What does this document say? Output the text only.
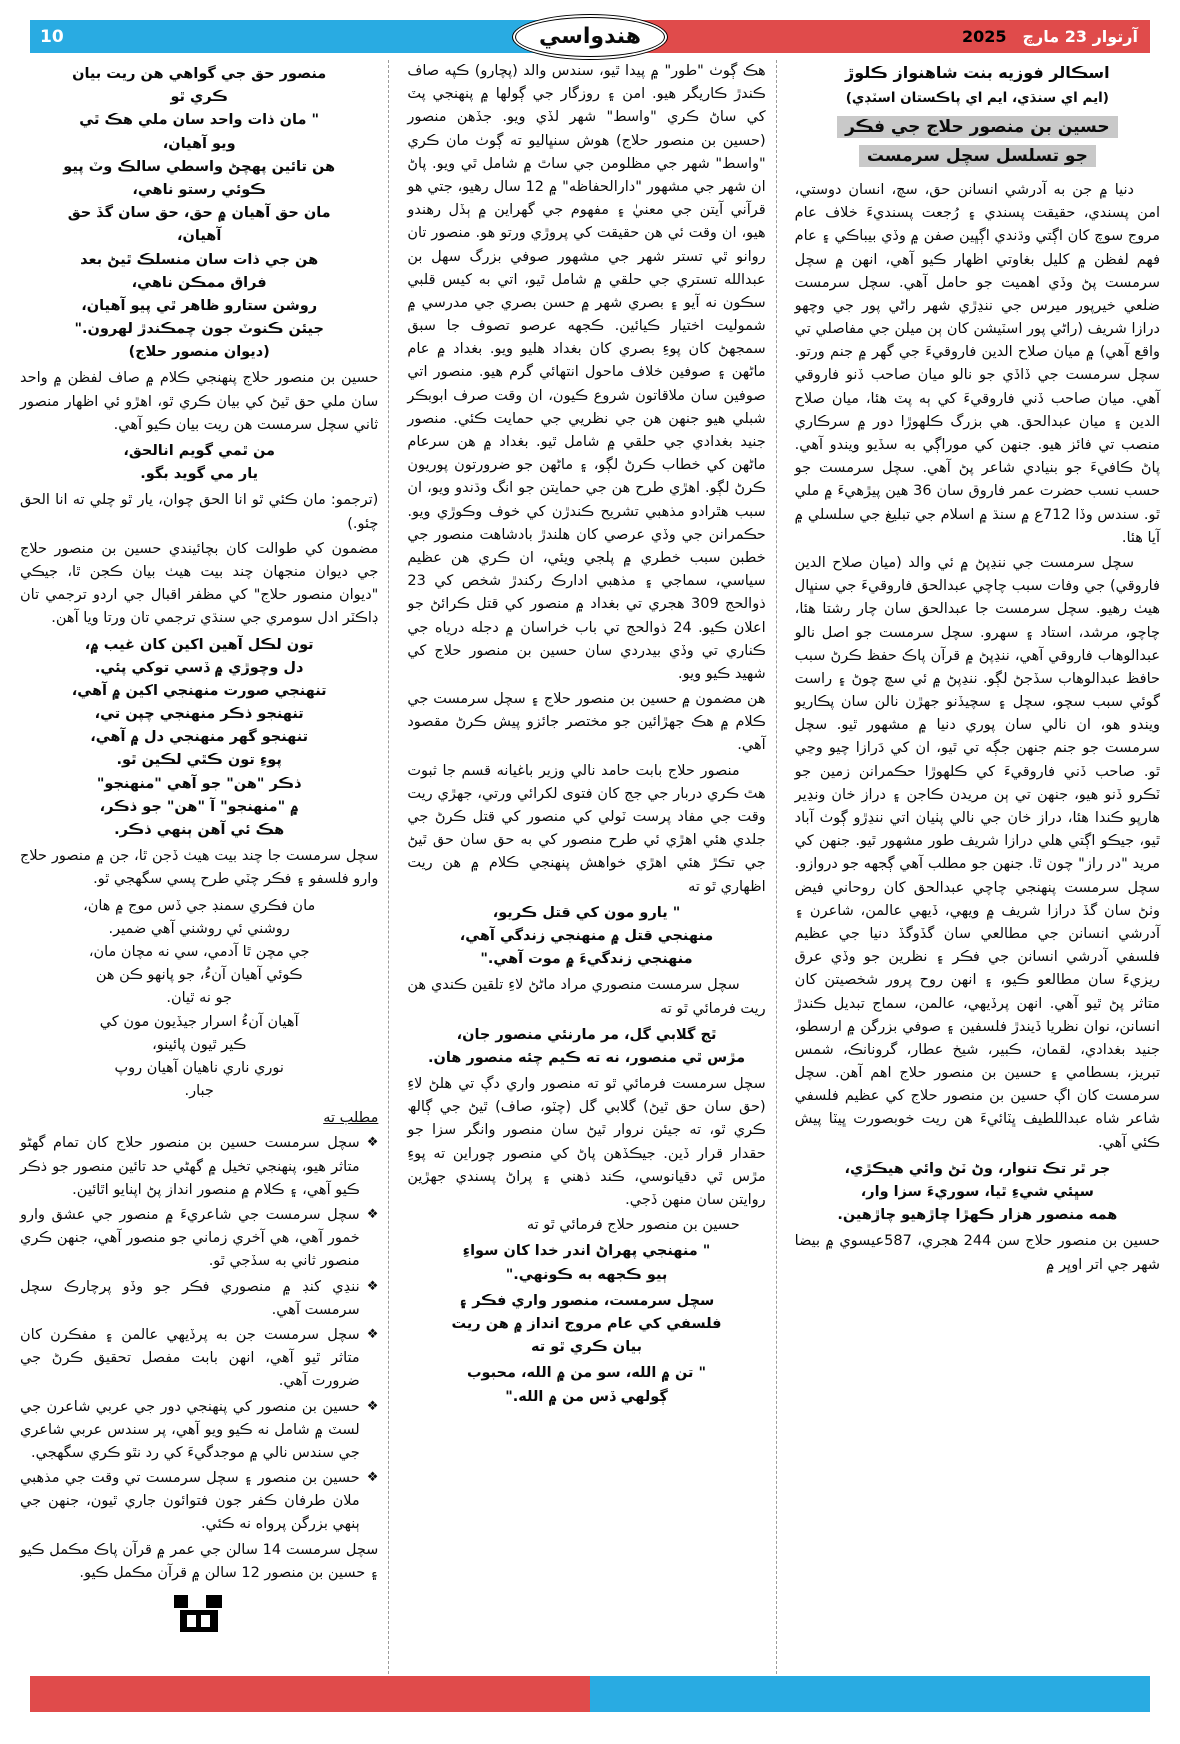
10	آرتوار 23 مارچ
2025
هندواسي
اسڪالر فوزيه بنت شاهنواز ڪلوڙ
(ايم اي سنڌي، ايم اي پاڪستان اسٽڊي)
حسين بن منصور حلاج جي فڪر
جو تسلسل سچل سرمست

دنيا ۾ جن به آدرشي انسانن حق، سچ، انسان دوستي، امن پسندي، حقيقت پسندي ۽ رُجعت پسنديءَ خلاف عام مروج سوچ کان اڳتي وڌندي اڳڀين صفن ۾ وڏي بيباڪي ۽ عام فهم لفظن ۾ کليل بغاوتي اظهار ڪيو آهي، انهن ۾ سچل سرمست پڻ وڏي اهميت جو حامل آهي. سچل سرمست ضلعي خيرپور ميرس جي ننڍڙي شهر راڻي پور جي وچھو درازا شريف (راڻي پور اسٽيشن کان ٻن ميلن جي مفاصلي تي واقع آهي) ۾ ميان صلاح الدين فاروقيءَ جي گهر ۾ جنم ورتو. سچل سرمست جي ڏاڏي جو نالو ميان صاحب ڏنو فاروقي آهي. ميان صاحب ڏني فاروقيءَ کي ٻه پٽ هئا، ميان صلاح الدين ۽ ميان عبدالحق. هي بزرگ ڪلهوڙا دور ۾ سرڪاري منصب تي فائز هيو. جنهن کي موراڳي به سڏيو ويندو آهي. پاڻ ڪافيءَ جو بنيادي شاعر پڻ آهي. سچل سرمست جو حسب نسب حضرت عمر فاروق سان 36 هين پيڙهيءَ ۾ ملي ٿو. سندس وڏا 712ع ۾ سنڌ ۾ اسلام جي تبليغ جي سلسلي ۾ آيا هئا.

سچل سرمست جي ننڍپڻ ۾ ئي والد (ميان صلاح الدين فاروقي) جي وفات سبب چاچي عبدالحق فاروقيءَ جي سنڀال هيٺ رهيو. سچل سرمست جا عبدالحق سان چار رشتا هئا، چاچو، مرشد، استاد ۽ سهرو. سچل سرمست جو اصل نالو عبدالوهاب فاروقي آهي، ننڍپڻ ۾ قرآن پاڪ حفظ ڪرڻ سبب حافظ عبدالوهاب سڏجڻ لڳو. ننڍپڻ ۾ ئي سچ چوڻ ۽ راست گوئي سبب سچو، سچل ۽ سچيڏنو جهڙن نالن سان پڪاريو ويندو هو، ان نالي سان پوري دنيا ۾ مشهور ٿيو. سچل سرمست جو جنم جنهن جڳه تي ٿيو، ان کي دَرازا چيو وڃي ٿو. صاحب ڏني فاروقيءَ کي ڪلهوڙا حڪمرانن زمين جو ٽڪرو ڏنو هيو، جنهن تي ٻن مريدن ڪاجن ۽ دراز خان ونڍير هارپو ڪندا هئا، دراز خان جي نالي پٺيان اتي ننڍڙو ڳوٺ آباد ٿيو، جيڪو اڳتي هلي درازا شريف طور مشهور ٿيو. جنهن کي مريد "در راز" چون ٿا. جنهن جو مطلب آهي ڳجهه جو دروازو. سچل سرمست پنهنجي چاچي عبدالحق کان روحاني فيض وٺڻ سان گڏ درازا شريف ۾ ويهي، ڏيهي عالمن، شاعرن ۽ آدرشي انسانن جي مطالعي سان گڏوگڏ دنيا جي عظيم فلسفي آدرشي انسانن جي فڪر ۽ نظرين جو وڏي عرق ريزيءَ سان مطالعو ڪيو، ۽ انهن روح پرور شخصيتن کان متاثر پڻ ٿيو آهي. انهن پرڏيهي، عالمن، سماج تبديل ڪندڙ انسانن، نوان نظريا ڏيندڙ فلسفين ۽ صوفي بزرگن ۾ ارسطو، جنيد بغدادي، لقمان، ڪبير، شيخ عطار، گرونانڪ، شمس تبريز، بسطامي ۽ حسين بن منصور حلاج اهم آهن. سچل سرمست کان اڳ حسين بن منصور حلاج کي عظيم فلسفي شاعر شاه عبداللطيف ڀٽائيءَ هن ريت خوبصورت ڀيٽا پيش ڪئي آهي.

جر ٿر تڪ تنوار، وڻ ٽڻ وائي هيڪڙي،
سڀئي شيءِ ٿيا، سوريءَ سزا وار،
همه منصور هزار ڪهڙا چاڙهيو چاڙهين.

حسين بن منصور حلاج سن 244 هجري، 587عيسوي ۾ بيضا شهر جي اتر اوڀر ۾

هڪ ڳوٺ "طور" ۾ پيدا ٿيو، سندس والد (پچارو) ڪپه صاف ڪندڙ ڪاريگر هيو. امن ۽ روزگار جي ڳولها ۾ پنهنجي پٽ کي ساڻ ڪري "واسط" شهر لڏي ويو. جڏهن منصور (حسين بن منصور حلاج) هوش سنڀاليو ته ڳوٺ مان ڪري "واسط" شهر جي مظلومن جي ساٿ ۾ شامل ٿي ويو. پاڻ ان شهر جي مشهور "دارالحفاظه" ۾ 12 سال رهيو، جتي هو قرآني آيتن جي معنيٰ ۽ مفهوم جي گهراين ۾ ٻڏل رهندو هيو، ان وقت ئي هن حقيقت کي پروڙي ورتو هو. منصور تان روانو ٿي تستر شهر جي مشهور صوفي بزرگ سهل بن عبدالله تستري جي حلقي ۾ شامل ٿيو، اتي به کيس قلبي سڪون نه آيو ۽ بصري شهر ۾ حسن بصري جي مدرسي ۾ شموليت اختيار ڪيائين. ڪجهه عرصو تصوف جا سبق سمجهڻ کان پوءِ بصري کان بغداد هليو ويو. بغداد ۾ عام ماڻهن ۽ صوفين خلاف ماحول انتهائي گرم هيو. منصور اتي صوفين سان ملاقاتون شروع ڪيون، ان وقت صرف ابوبڪر شبلي هيو جنهن هن جي نظريي جي حمايت ڪئي. منصور جنيد بغدادي جي حلقي ۾ شامل ٿيو. بغداد ۾ هن سرعام ماڻهن کي خطاب ڪرڻ لڳو، ۽ ماڻهن جو ضرورتون پوريون ڪرڻ لڳو. اهڙي طرح هن جي حمايتن جو انگ وڌندو ويو، ان سبب هٿرادو مذهبي تشريح ڪندڙن کي خوف وڪوڙي ويو. حڪمرانن جي وڏي عرصي کان هلندڙ بادشاهت منصور جي خطبن سبب خطري ۾ پلجي ويئي، ان ڪري هن عظيم سياسي، سماجي ۽ مذهبي ادارڪ رکندڙ شخص کي 23 ذوالحج 309 هجري تي بغداد ۾ منصور کي قتل ڪرائڻ جو اعلان ڪيو. 24 ذوالحج تي باب خراسان ۾ دجله درياه جي ڪناري تي وڏي بيدردي سان حسين بن منصور حلاج کي شهيد ڪيو ويو.

هن مضمون ۾ حسين بن منصور حلاج ۽ سچل سرمست جي ڪلام ۾ هڪ جهڙائين جو مختصر جائزو پيش ڪرڻ مقصود آهي.

منصور حلاج بابت حامد نالي وزير باغيانه قسم جا ثبوت هٿ ڪري دربار جي جج کان فتوى لکرائي ورتي، جهڙي ريت وقت جي مفاد پرست ٽولي کي منصور کي قتل ڪرڻ جي جلدي هئي اهڙي ئي طرح منصور کي به حق سان حق ٿيڻ جي تڪڙ هئي اهڙي خواهش پنهنجي ڪلام ۾ هن ريت اظهاري ٿو ته

" يارو مون کي قتل ڪريو،
منهنجي قتل ۾ منهنجي زندگي آهي،
منهنجي زندگيءَ ۾ موت آهي."

سچل سرمست منصوري مراد ماڻڻ لاءِ تلقين ڪندي هن ريت فرمائي ٿو ته

ٿج گلابي گل، مر مارنئي منصور جان،
مڙس ٿي منصور، نه ته ڪيم چئه منصور هان.

سچل سرمست فرمائي ٿو ته منصور واري دڳ تي هلڻ لاءِ (حق سان حق ٿيڻ) گلابي گل (چٽو، صاف) ٿيڻ جي ڳالھ ڪري ٿو، ته جيئن نروار ٿيڻ سان منصور وانگر سزا جو حقدار قرار ڏين. جيڪڏهن پاڻ کي منصور چوراين ته پوءِ مڙس ٿي دقيانوسي، ڪند ذهني ۽ پراڻ پسندي جهڙين روايتن سان منهن ڏجي.

حسين بن منصور حلاج فرمائي ٿو ته

" منهنجي پهراڻ اندر خدا کان سواءِ
ٻيو ڪجهه به ڪونهي."

سچل سرمست، منصور واري فڪر ۽
فلسفي کي عام مروج انداز ۾ هن ريت
بيان ڪري ٿو ته

" تن ۾ الله، سو من ۾ الله، محبوب
ڳولهي ڏس من ۾ الله."

منصور حق جي گواهي هن ريت بيان
ڪري ٿو
" مان ذات واحد سان ملي هڪ ٿي
ويو آهيان،
هن تائين پهچڻ واسطي سالڪ وٽ پيو
ڪوئي رستو ناهي،
مان حق آهيان ۾ حق، حق سان گڏ حق
آهيان،
هن جي ذات سان منسلڪ ٿيڻ بعد
فراق ممڪن ناهي،
روشن ستارو ظاهر ٿي پيو آهيان،
جيئن ڪنوٽ جون چمڪندڙ لهرون."
(ديوان منصور حلاج)

حسين بن منصور حلاج پنهنجي ڪلام ۾ صاف لفظن ۾ واحد سان ملي حق ٿيڻ کي بيان ڪري ٿو، اهڙو ئي اظهار منصور ثاني سچل سرمست هن ريت بيان ڪيو آهي.

من ٿمي گويم انالحق،
يار مي گويد بگو.

(ترجمو: مان ڪئي ٿو انا الحق چوان، يار ٿو چلي ته انا الحق چئو.)

مضمون کي طوالت کان بچائيندي حسين بن منصور حلاج جي ديوان منجهان چند بيت هيٺ بيان ڪجن ٿا، جيڪي "ديوان منصور حلاج" کي مظفر اقبال جي اردو ترجمي تان ڊاڪٽر ادل سومري جي سنڌي ترجمي تان ورتا ويا آهن.

تون لڪل آهين اکين کان غيب ۾،
دل وچوڙي ۾ ڏسي توکي پئي.
تنهنجي صورت منهنجي اکين ۾ آهي،
تنهنجو ذڪر منهنجي چپن تي،
تنهنجو گهر منهنجي دل ۾ آهي،
پوءِ تون ڪٿي لڪين ٿو.
ذڪر "هن" جو آهي "منهنجو"
۾ "منهنجو" آ "هن" جو ذڪر،
هڪ ئي آهن ٻنهي ذڪر.

سچل سرمست جا چند بيت هيٺ ڏجن ٿا، جن ۾ منصور حلاج وارو فلسفو ۽ فڪر چٽي طرح پسي سگهجي ٿو.

مان فڪري سمنڊ جي ڏس موج ۾ هان،
روشني ئي روشني آهي ضمير.
جي مچن ٿا آدمي، سي نه مچان مان،
ڪوئي آهيان آنءُ، جو پانهو ڪن هن
جو نه ٿيان.
آهيان آنءُ اسرار جيڏيون مون کي
ڪير ٿيون پائينو،
نوري ناري ناهيان آهيان روپ
جبار.

مطلب ته

❖
سچل سرمست حسين بن منصور حلاج کان تمام گهڻو متاثر هيو، پنهنجي تخيل ۾ گهڻي حد تائين منصور جو ذڪر ڪيو آهي، ۽ ڪلام ۾ منصور انداز پڻ اپنايو اٿائين.
❖
سچل سرمست جي شاعريءَ ۾ منصور جي عشق وارو خمور آهي، هي آخري زماني جو منصور آهي، جنهن ڪري منصور ثاني به سڏجي ٿو.
❖
ننڍي کنڊ ۾ منصوري فڪر جو وڏو پرچارڪ سچل سرمست آهي.
❖
سچل سرمست جن به پرڏيهي عالمن ۽ مفڪرن کان متاثر ٿيو آهي، انهن بابت مفصل تحقيق ڪرڻ جي ضرورت آهي.
❖
حسين بن منصور کي پنهنجي دور جي عربي شاعرن جي لسٽ ۾ شامل نه ڪيو ويو آهي، پر سندس عربي شاعري جي سندس نالي ۾ موجدگيءَ کي رد نٿو ڪري سگهجي.
❖
حسين بن منصور ۽ سچل سرمست تي وقت جي مذهبي ملان طرفان ڪفر جون فتوائون جاري ٿيون، جنهن جي ٻنهي بزرگن پرواه نه ڪئي.

سچل سرمست 14 سالن جي عمر ۾ قرآن پاڪ مڪمل ڪيو ۽ حسين بن منصور 12 سالن ۾ قرآن مڪمل ڪيو.
